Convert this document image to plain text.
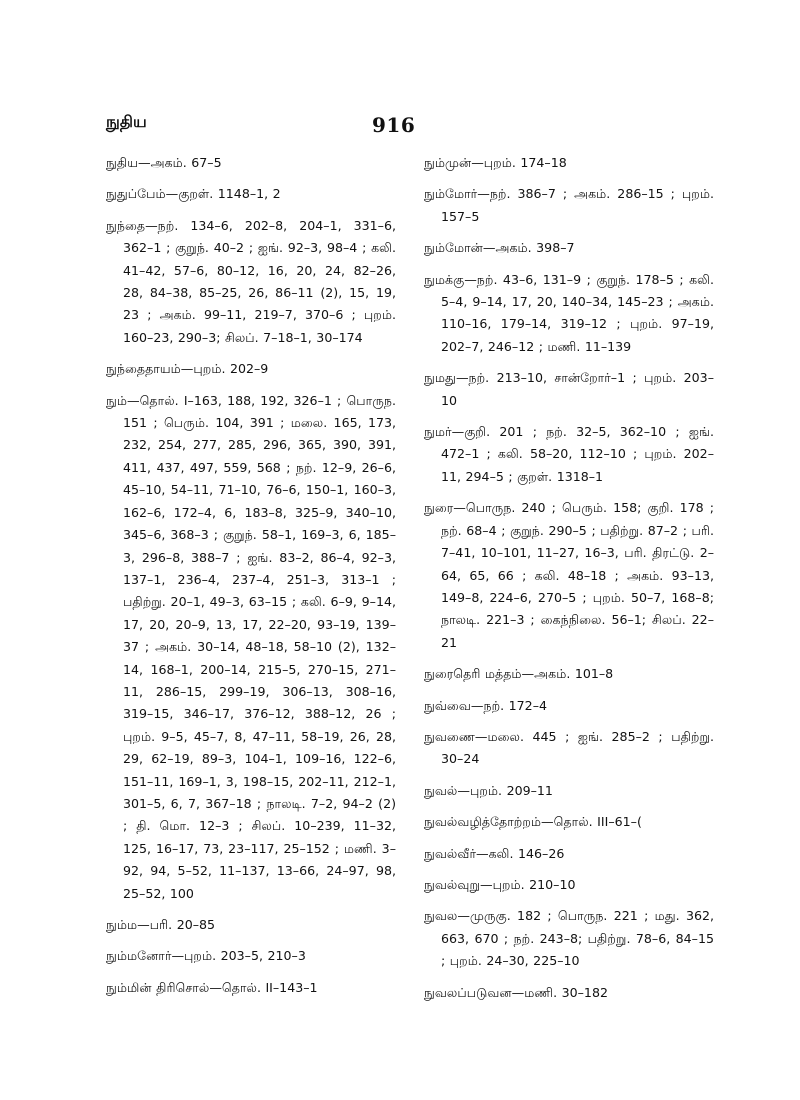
நுதிய	916

நுதிய—அகம். 67–5

நுதுப்பேம்—குறள். 1148–1, 2

நுந்தை—நற். 134–6, 202–8, 204–1, 331–6, 362–1 ; குறுந். 40–2 ; ஐங். 92–3, 98–4 ; கலி. 41–42, 57–6, 80–12, 16, 20, 24, 82–26, 28, 84–38, 85–25, 26, 86–11 (2), 15, 19, 23 ; அகம். 99–11, 219–7, 370–6 ; புறம். 160–23, 290–3; சிலப். 7–18–1, 30–174

நுந்தைதாயம்—புறம். 202–9

நும்—தொல். I–163, 188, 192, 326–1 ; பொருந. 151 ; பெரும். 104, 391 ; மலை. 165, 173, 232, 254, 277, 285, 296, 365, 390, 391, 411, 437, 497, 559, 568 ; நற். 12–9, 26–6, 45–10, 54–11, 71–10, 76–6, 150–1, 160–3, 162–6, 172–4, 6, 183–8, 325–9, 340–10, 345–6, 368–3 ; குறுந். 58–1, 169–3, 6, 185–3, 296–8, 388–7 ; ஐங். 83–2, 86–4, 92–3, 137–1, 236–4, 237–4, 251–3, 313–1 ; பதிற்று. 20–1, 49–3, 63–15 ; கலி. 6–9, 9–14, 17, 20, 20–9, 13, 17, 22–20, 93–19, 139–37 ; அகம். 30–14, 48–18, 58–10 (2), 132–14, 168–1, 200–14, 215–5, 270–15, 271–11, 286–15, 299–19, 306–13, 308–16, 319–15, 346–17, 376–12, 388–12, 26 ; புறம். 9–5, 45–7, 8, 47–11, 58–19, 26, 28, 29, 62–19, 89–3, 104–1, 109–16, 122–6, 151–11, 169–1, 3, 198–15, 202–11, 212–1, 301–5, 6, 7, 367–18 ; நாலடி. 7–2, 94–2 (2) ; தி. மொ. 12–3 ; சிலப். 10–239, 11–32, 125, 16–17, 73, 23–117, 25–152 ; மணி. 3–92, 94, 5–52, 11–137, 13–66, 24–97, 98, 25–52, 100

நும்ம—பரி. 20–85

நும்மனோர்—புறம். 203–5, 210–3

நும்மின் திரிசொல்—தொல். II–143–1

நும்முன்—புறம். 174–18

நும்மோர்—நற். 386–7 ; அகம். 286–15 ; புறம். 157–5

நும்மோன்—அகம். 398–7

நுமக்கு—நற். 43–6, 131–9 ; குறுந். 178–5 ; கலி. 5–4, 9–14, 17, 20, 140–34, 145–23 ; அகம். 110–16, 179–14, 319–12 ; புறம். 97–19, 202–7, 246–12 ; மணி. 11–139

நுமது—நற். 213–10, சான்றோர்–1 ; புறம். 203–10

நுமர்—குறி. 201 ; நற். 32–5, 362–10 ; ஐங். 472–1 ; கலி. 58–20, 112–10 ; புறம். 202–11, 294–5 ; குறள். 1318–1

நுரை—பொருந. 240 ; பெரும். 158; குறி. 178 ; நற். 68–4 ; குறுந். 290–5 ; பதிற்று. 87–2 ; பரி. 7–41, 10–101, 11–27, 16–3, பரி. திரட்டு. 2–64, 65, 66 ; கலி. 48–18 ; அகம். 93–13, 149–8, 224–6, 270–5 ; புறம். 50–7, 168–8; நாலடி. 221–3 ; கைந்நிலை. 56–1; சிலப். 22–21

நுரைதெரி மத்தம்—அகம். 101–8

நுவ்வை—நற். 172–4

நுவணை—மலை. 445 ; ஐங். 285–2 ; பதிற்று. 30–24

நுவல்—புறம். 209–11

நுவல்வழித்தோற்றம்—தொல். III–61–(

நுவல்வீர்—கலி. 146–26

நுவல்வுறு—புறம். 210–10

நுவல—முருகு. 182 ; பொருந. 221 ; மது. 362, 663, 670 ; நற். 243–8; பதிற்று. 78–6, 84–15 ; புறம். 24–30, 225–10

நுவலப்படுவன—மணி. 30–182
